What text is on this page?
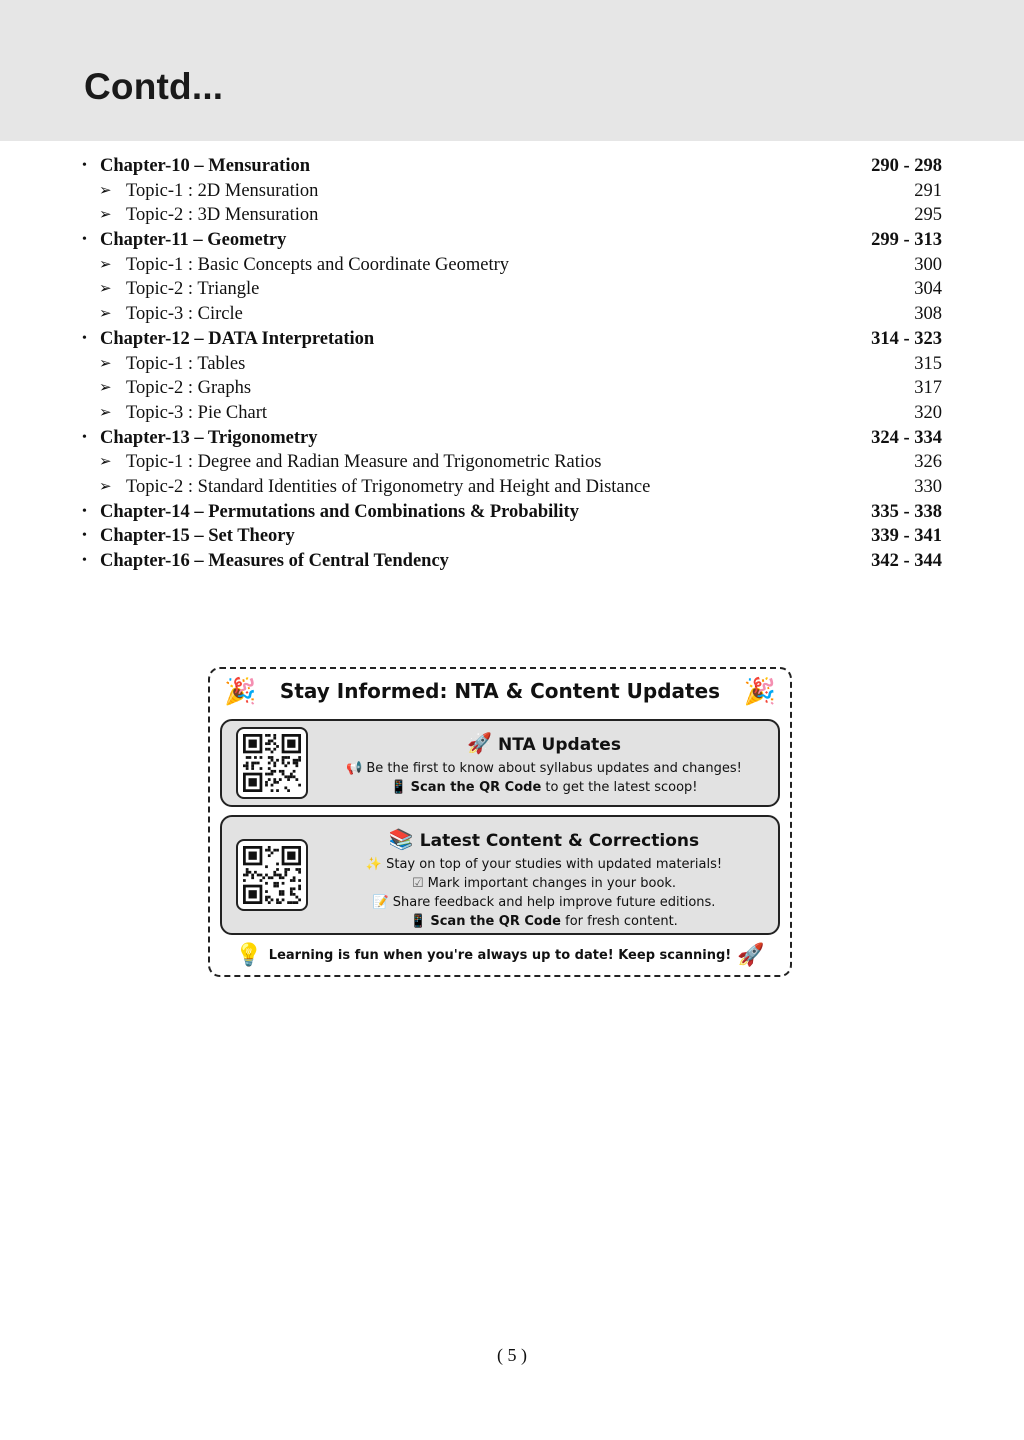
Contd...
• Chapter-10 – Mensuration	290 - 298
➢ Topic-1 : 2D Mensuration	291
➢ Topic-2 : 3D Mensuration	295
• Chapter-11 – Geometry	299 - 313
➢ Topic-1 : Basic Concepts and Coordinate Geometry	300
➢ Topic-2 : Triangle	304
➢ Topic-3 : Circle	308
• Chapter-12 – DATA Interpretation	314 - 323
➢ Topic-1 : Tables	315
➢ Topic-2 : Graphs	317
➢ Topic-3 : Pie Chart	320
• Chapter-13 – Trigonometry	324 - 334
➢ Topic-1 : Degree and Radian Measure and Trigonometric Ratios	326
➢ Topic-2 : Standard Identities of Trigonometry and Height and Distance	330
• Chapter-14 – Permutations and Combinations & Probability	335 - 338
• Chapter-15 – Set Theory	339 - 341
• Chapter-16 – Measures of Central Tendency	342 - 344
🎉	Stay Informed: NTA & Content Updates 🎉
🚀 NTA Updates
📢 Be the first to know about syllabus updates and changes!
📱 Scan the QR Code to get the latest scoop!
📚 Latest Content & Corrections
✨ Stay on top of your studies with updated materials!
☑ Mark important changes in your book.
📝 Share feedback and help improve future editions.
📱 Scan the QR Code for fresh content.
💡 Learning is fun when you're always up to date! Keep scanning! 🚀
( 5 )
